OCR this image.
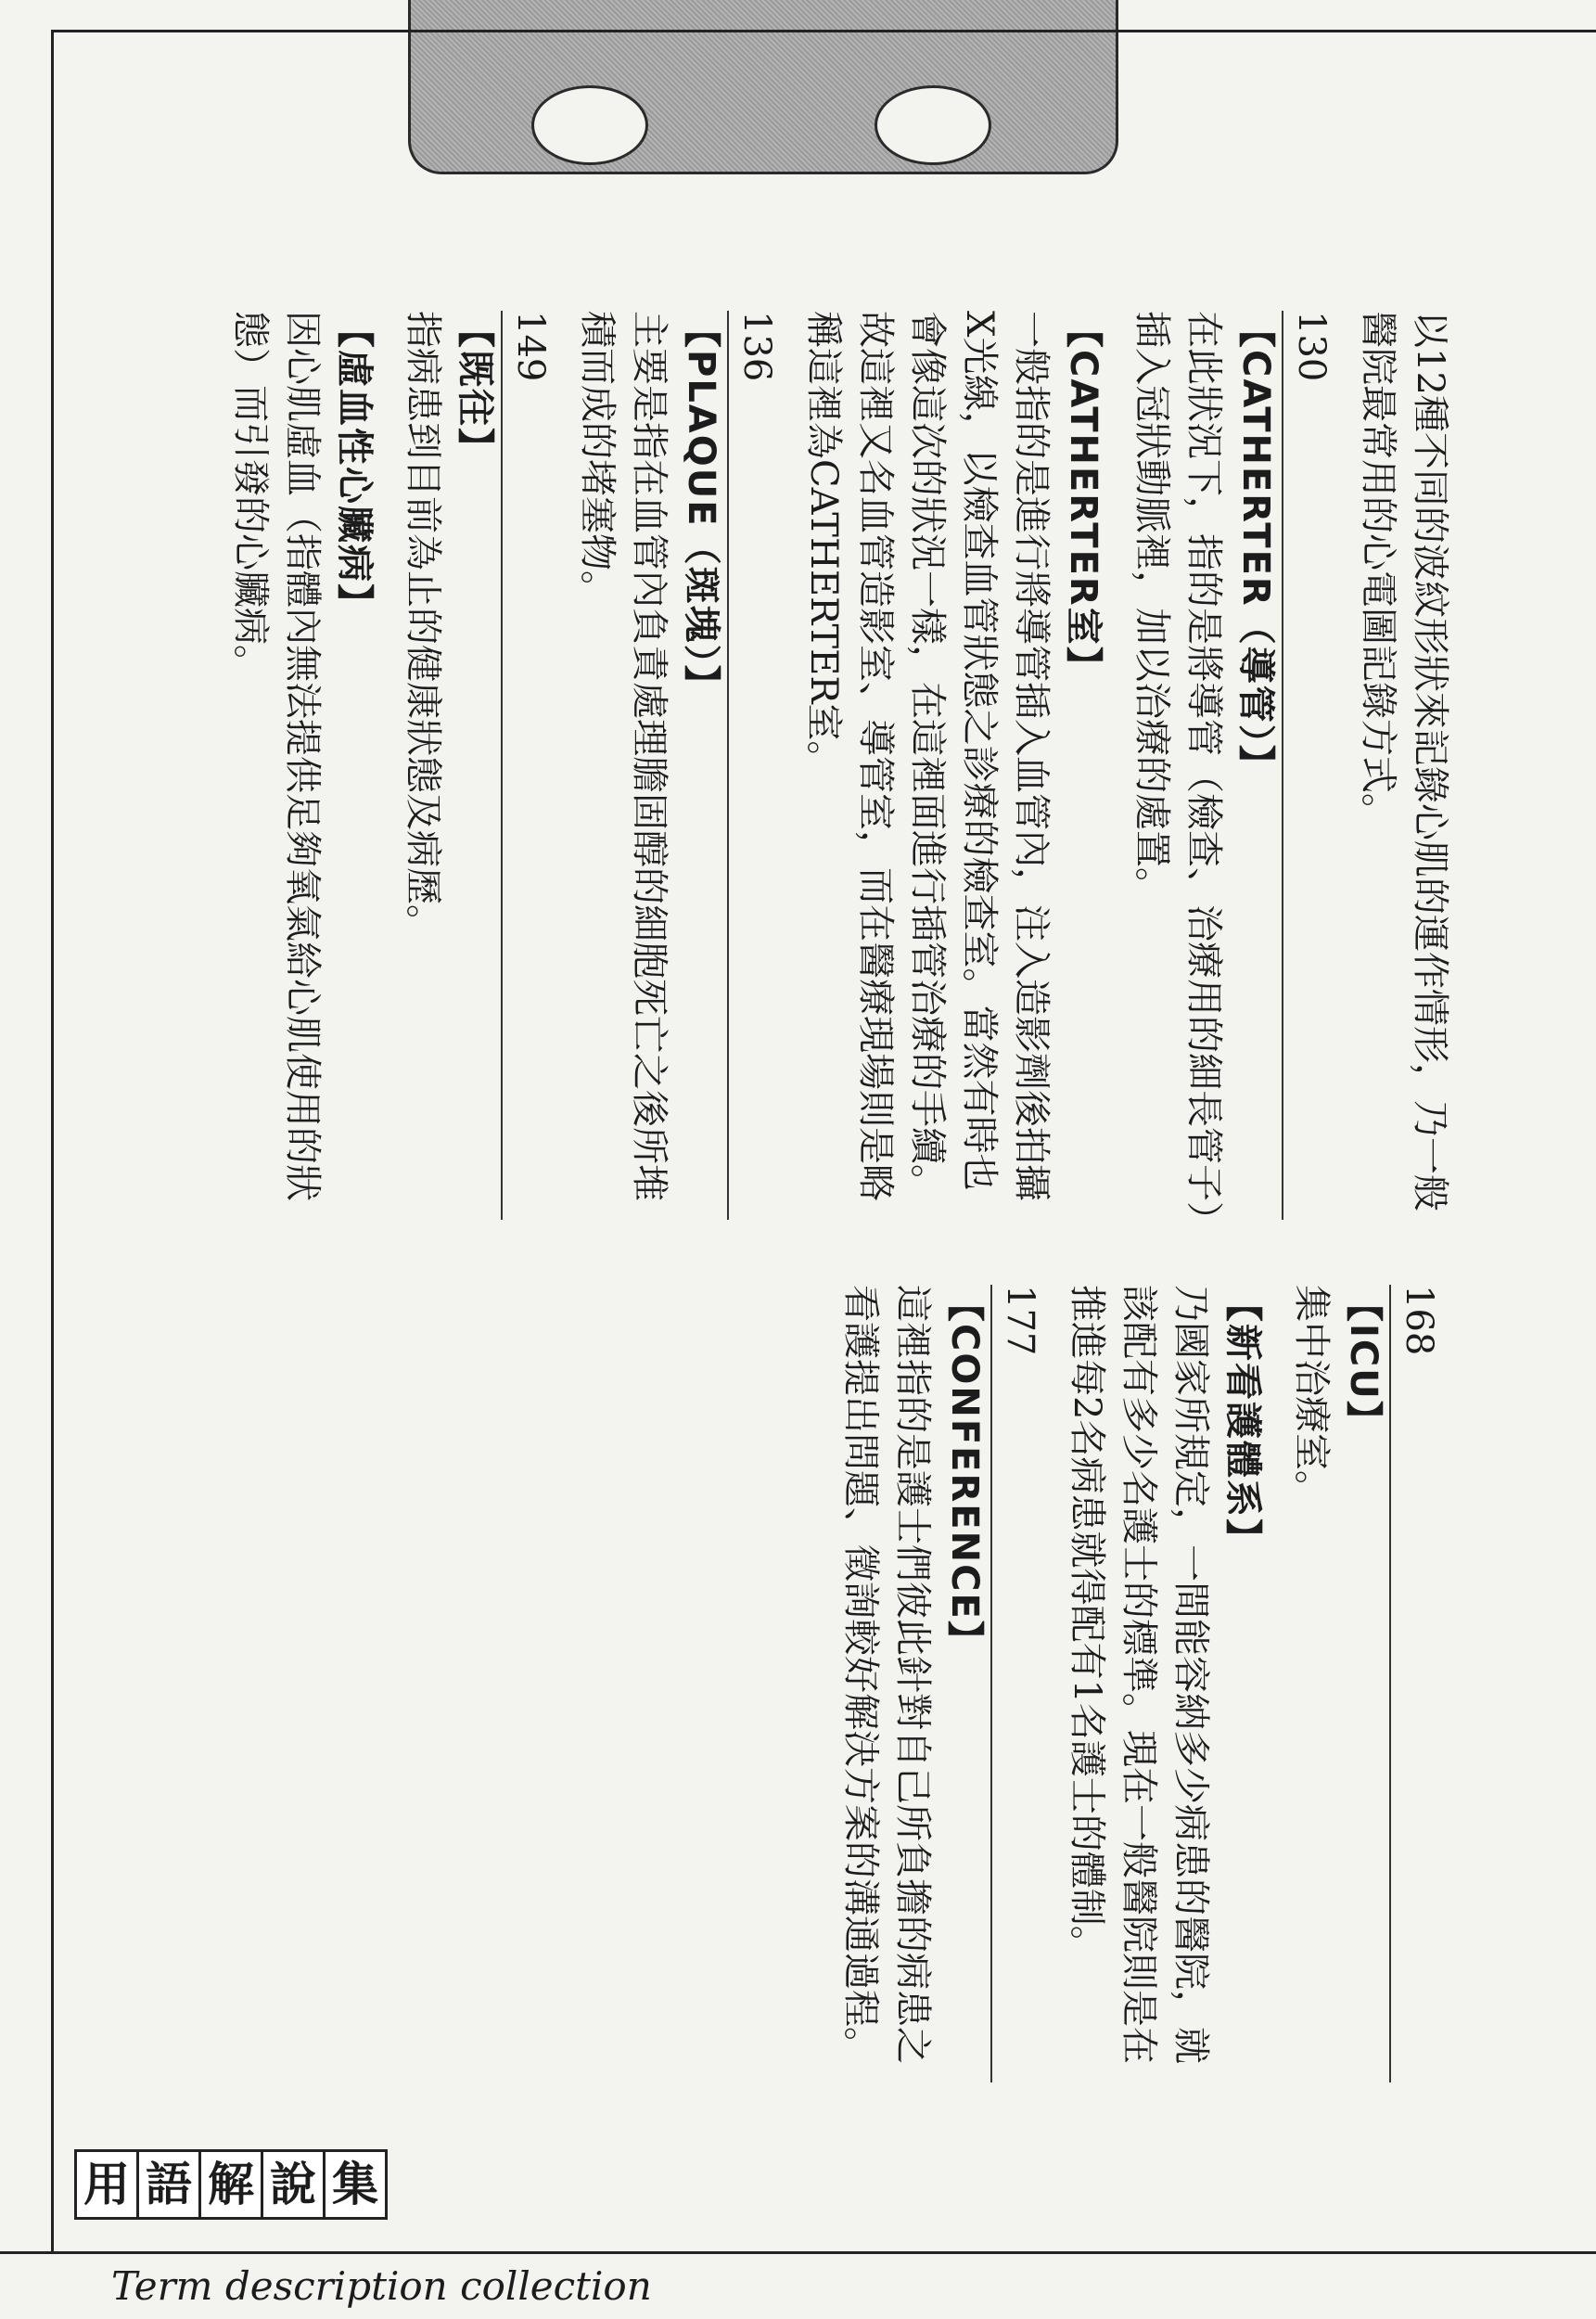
以12種不同的波紋形狀來記錄心肌的運作情形，乃一般醫院最常用的心電圖記錄方式。
130
【CATHERTER（導管）】
在此狀況下，指的是將導管（檢查、治療用的細長管子）插入冠狀動脈裡，加以治療的處置。
【CATHERTER室】
一般指的是進行將導管插入血管內，注入造影劑後拍攝X光線，以檢查血管狀態之診療的檢查室。當然有時也會像這次的狀況一樣，在這裡面進行插管治療的手續。故這裡又名血管造影室、導管室，而在醫療現場則是略稱這裡為CATHERTER室。
136
【PLAQUE（斑塊）】
主要是指在血管內負責處理膽固醇的細胞死亡之後所堆積而成的堵塞物。
149
【既往】
指病患到目前為止的健康狀態及病歷。
【虛血性心臟病】
因心肌虛血（指體內無法提供足夠氧氣給心肌使用的狀態）而引發的心臟病。
168
【ICU】
集中治療室。
【新看護體系】
乃國家所規定，一間能容納多少病患的醫院，就該配有多少名護士的標準。現在一般醫院則是在推進每2名病患就得配有1名護士的體制。
177
【CONFERENCE】
這裡指的是護士們彼此針對自己所負擔的病患之看護提出問題、徵詢較好解決方案的溝通過程。
用 語 解 說 集
Term description collection
